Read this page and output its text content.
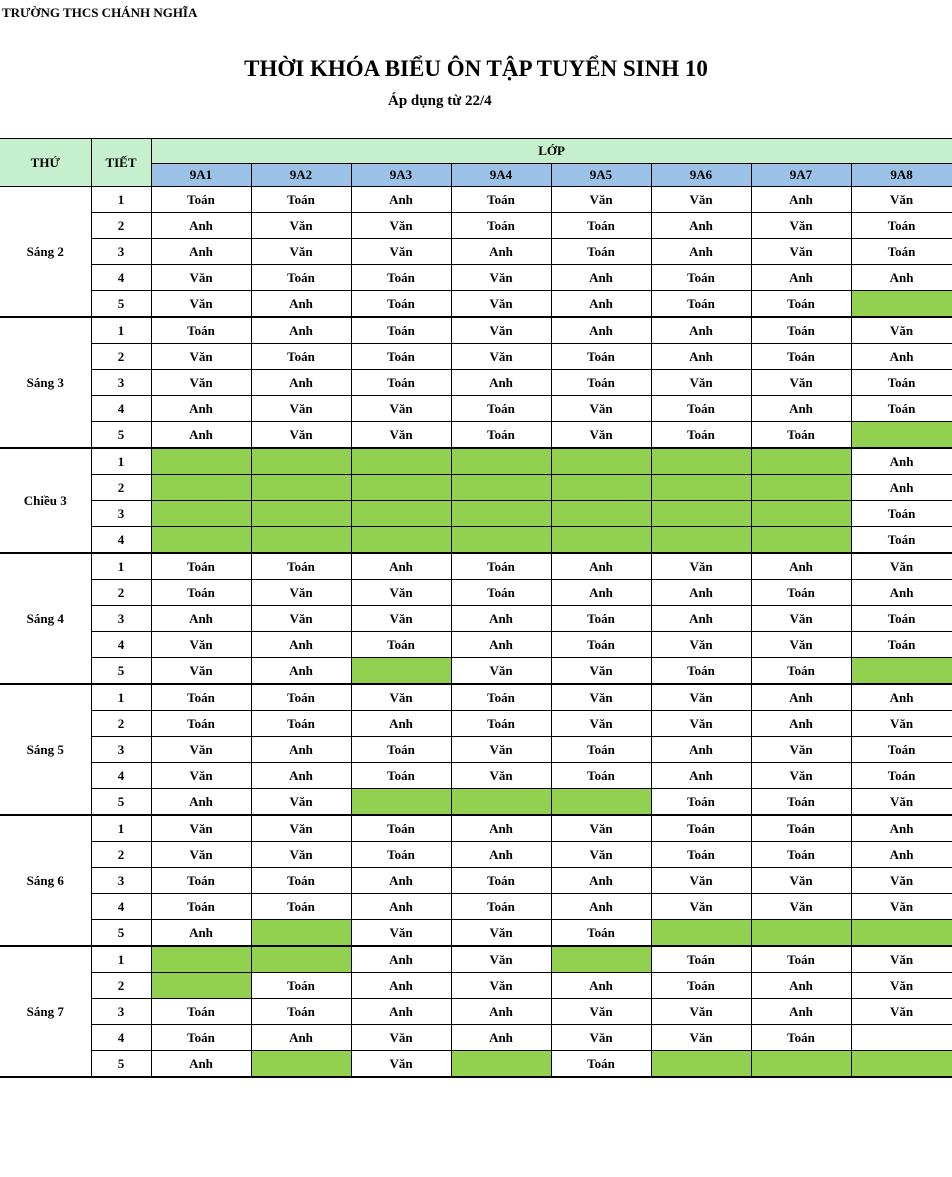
TRƯỜNG THCS CHÁNH NGHĨA
THỜI KHÓA BIỂU ÔN TẬP TUYỂN SINH 10
Áp dụng từ 22/4
THỨ	TIẾT	LỚP							
		9A1	9A2	9A3	9A4	9A5	9A6	9A7	9A8
Sáng 2	1	Toán	Toán	Anh	Toán	Văn	Văn	Anh	Văn
	2	Anh	Văn	Văn	Toán	Toán	Anh	Văn	Toán
	3	Anh	Văn	Văn	Anh	Toán	Anh	Văn	Toán
	4	Văn	Toán	Toán	Văn	Anh	Toán	Anh	Anh
	5	Văn	Anh	Toán	Văn	Anh	Toán	Toán	
Sáng 3	1	Toán	Anh	Toán	Văn	Anh	Anh	Toán	Văn
	2	Văn	Toán	Toán	Văn	Toán	Anh	Toán	Anh
	3	Văn	Anh	Toán	Anh	Toán	Văn	Văn	Toán
	4	Anh	Văn	Văn	Toán	Văn	Toán	Anh	Toán
	5	Anh	Văn	Văn	Toán	Văn	Toán	Toán	
Chiều 3	1								Anh
	2								Anh
	3								Toán
	4								Toán
Sáng 4	1	Toán	Toán	Anh	Toán	Anh	Văn	Anh	Văn
	2	Toán	Văn	Văn	Toán	Anh	Anh	Toán	Anh
	3	Anh	Văn	Văn	Anh	Toán	Anh	Văn	Toán
	4	Văn	Anh	Toán	Anh	Toán	Văn	Văn	Toán
	5	Văn	Anh		Văn	Văn	Toán	Toán	
Sáng 5	1	Toán	Toán	Văn	Toán	Văn	Văn	Anh	Anh
	2	Toán	Toán	Anh	Toán	Văn	Văn	Anh	Văn
	3	Văn	Anh	Toán	Văn	Toán	Anh	Văn	Toán
	4	Văn	Anh	Toán	Văn	Toán	Anh	Văn	Toán
	5	Anh	Văn				Toán	Toán	Văn
Sáng 6	1	Văn	Văn	Toán	Anh	Văn	Toán	Toán	Anh
	2	Văn	Văn	Toán	Anh	Văn	Toán	Toán	Anh
	3	Toán	Toán	Anh	Toán	Anh	Văn	Văn	Văn
	4	Toán	Toán	Anh	Toán	Anh	Văn	Văn	Văn
	5	Anh		Văn	Văn	Toán			
Sáng 7	1			Anh	Văn		Toán	Toán	Văn
	2		Toán	Anh	Văn	Anh	Toán	Anh	Văn
	3	Toán	Toán	Anh	Anh	Văn	Văn	Anh	Văn
	4	Toán	Anh	Văn	Anh	Văn	Văn	Toán	
	5	Anh		Văn		Toán			
